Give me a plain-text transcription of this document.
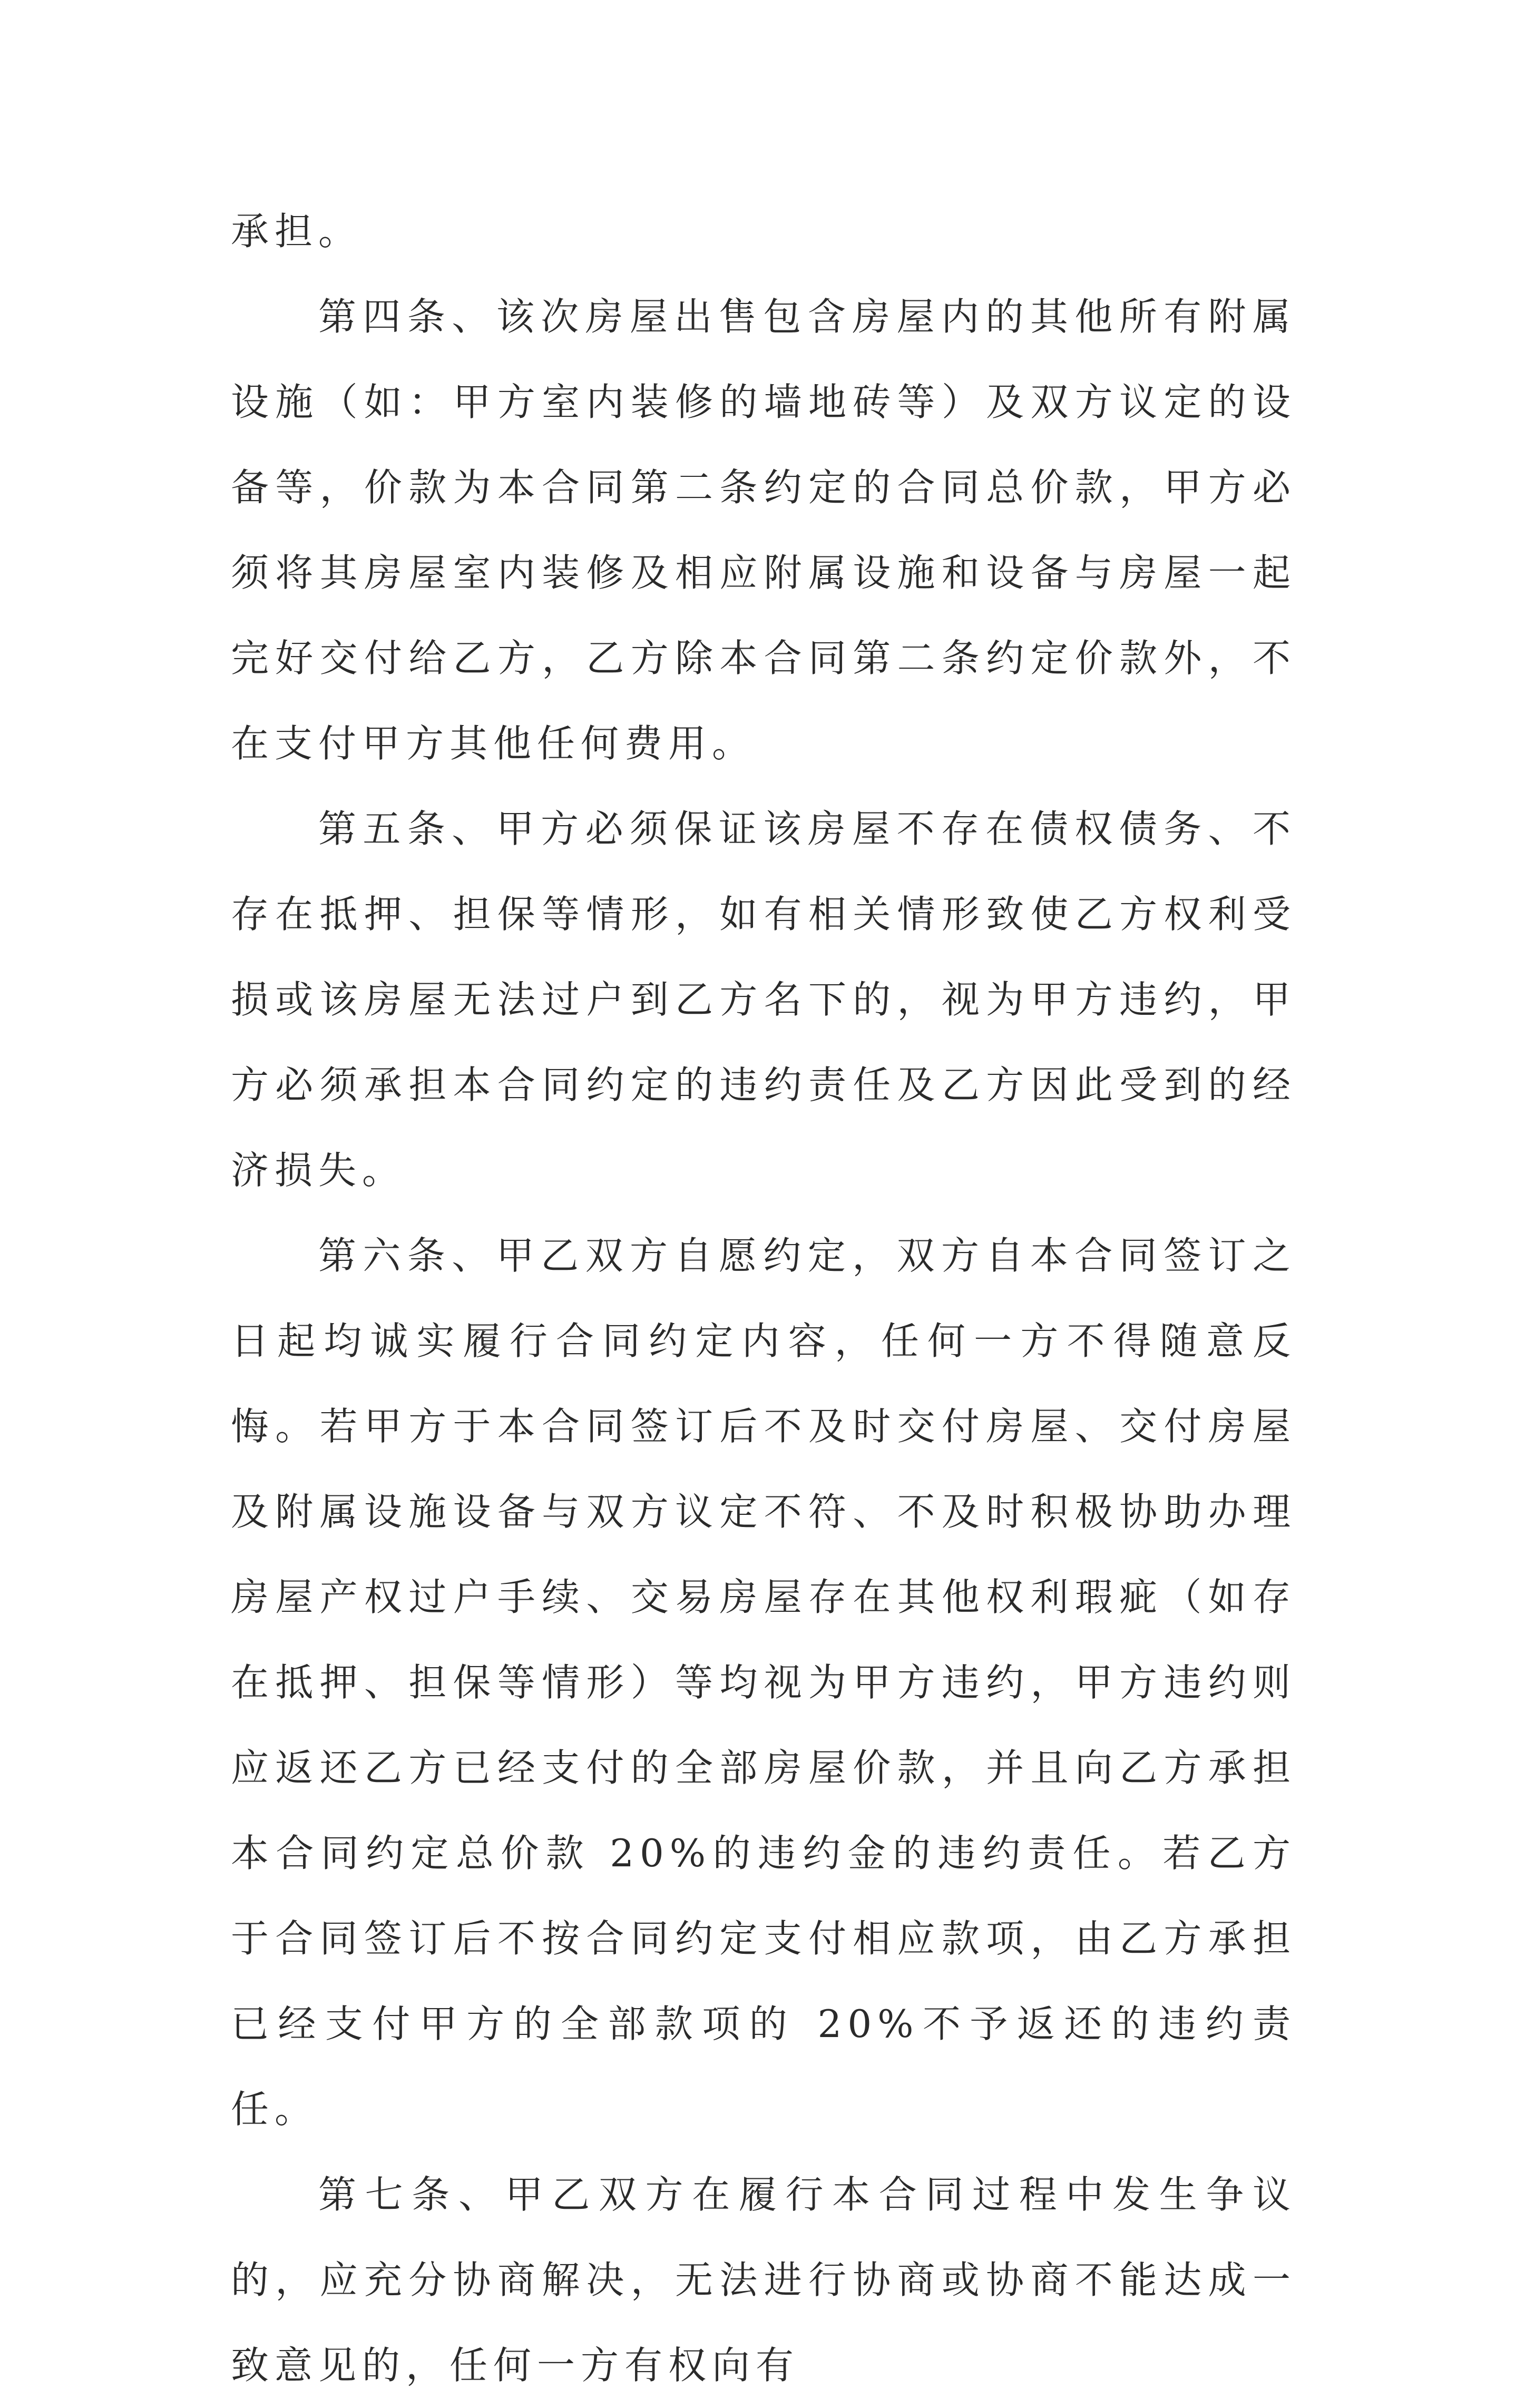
承担。

第四条、该次房屋出售包含房屋内的其他所有附属设施（如：甲方室内装修的墙地砖等）及双方议定的设备等，价款为本合同第二条约定的合同总价款，甲方必须将其房屋室内装修及相应附属设施和设备与房屋一起完好交付给乙方，乙方除本合同第二条约定价款外，不在支付甲方其他任何费用。

第五条、甲方必须保证该房屋不存在债权债务、不存在抵押、担保等情形，如有相关情形致使乙方权利受损或该房屋无法过户到乙方名下的，视为甲方违约，甲方必须承担本合同约定的违约责任及乙方因此受到的经济损失。

第六条、甲乙双方自愿约定，双方自本合同签订之日起均诚实履行合同约定内容，任何一方不得随意反悔。若甲方于本合同签订后不及时交付房屋、交付房屋及附属设施设备与双方议定不符、不及时积极协助办理房屋产权过户手续、交易房屋存在其他权利瑕疵（如存在抵押、担保等情形）等均视为甲方违约，甲方违约则应返还乙方已经支付的全部房屋价款，并且向乙方承担本合同约定总价款 20%的违约金的违约责任。若乙方于合同签订后不按合同约定支付相应款项，由乙方承担已经支付甲方的全部款项的 20%不予返还的违约责任。

第七条、甲乙双方在履行本合同过程中发生争议的，应充分协商解决，无法进行协商或协商不能达成一致意见的，任何一方有权向有
